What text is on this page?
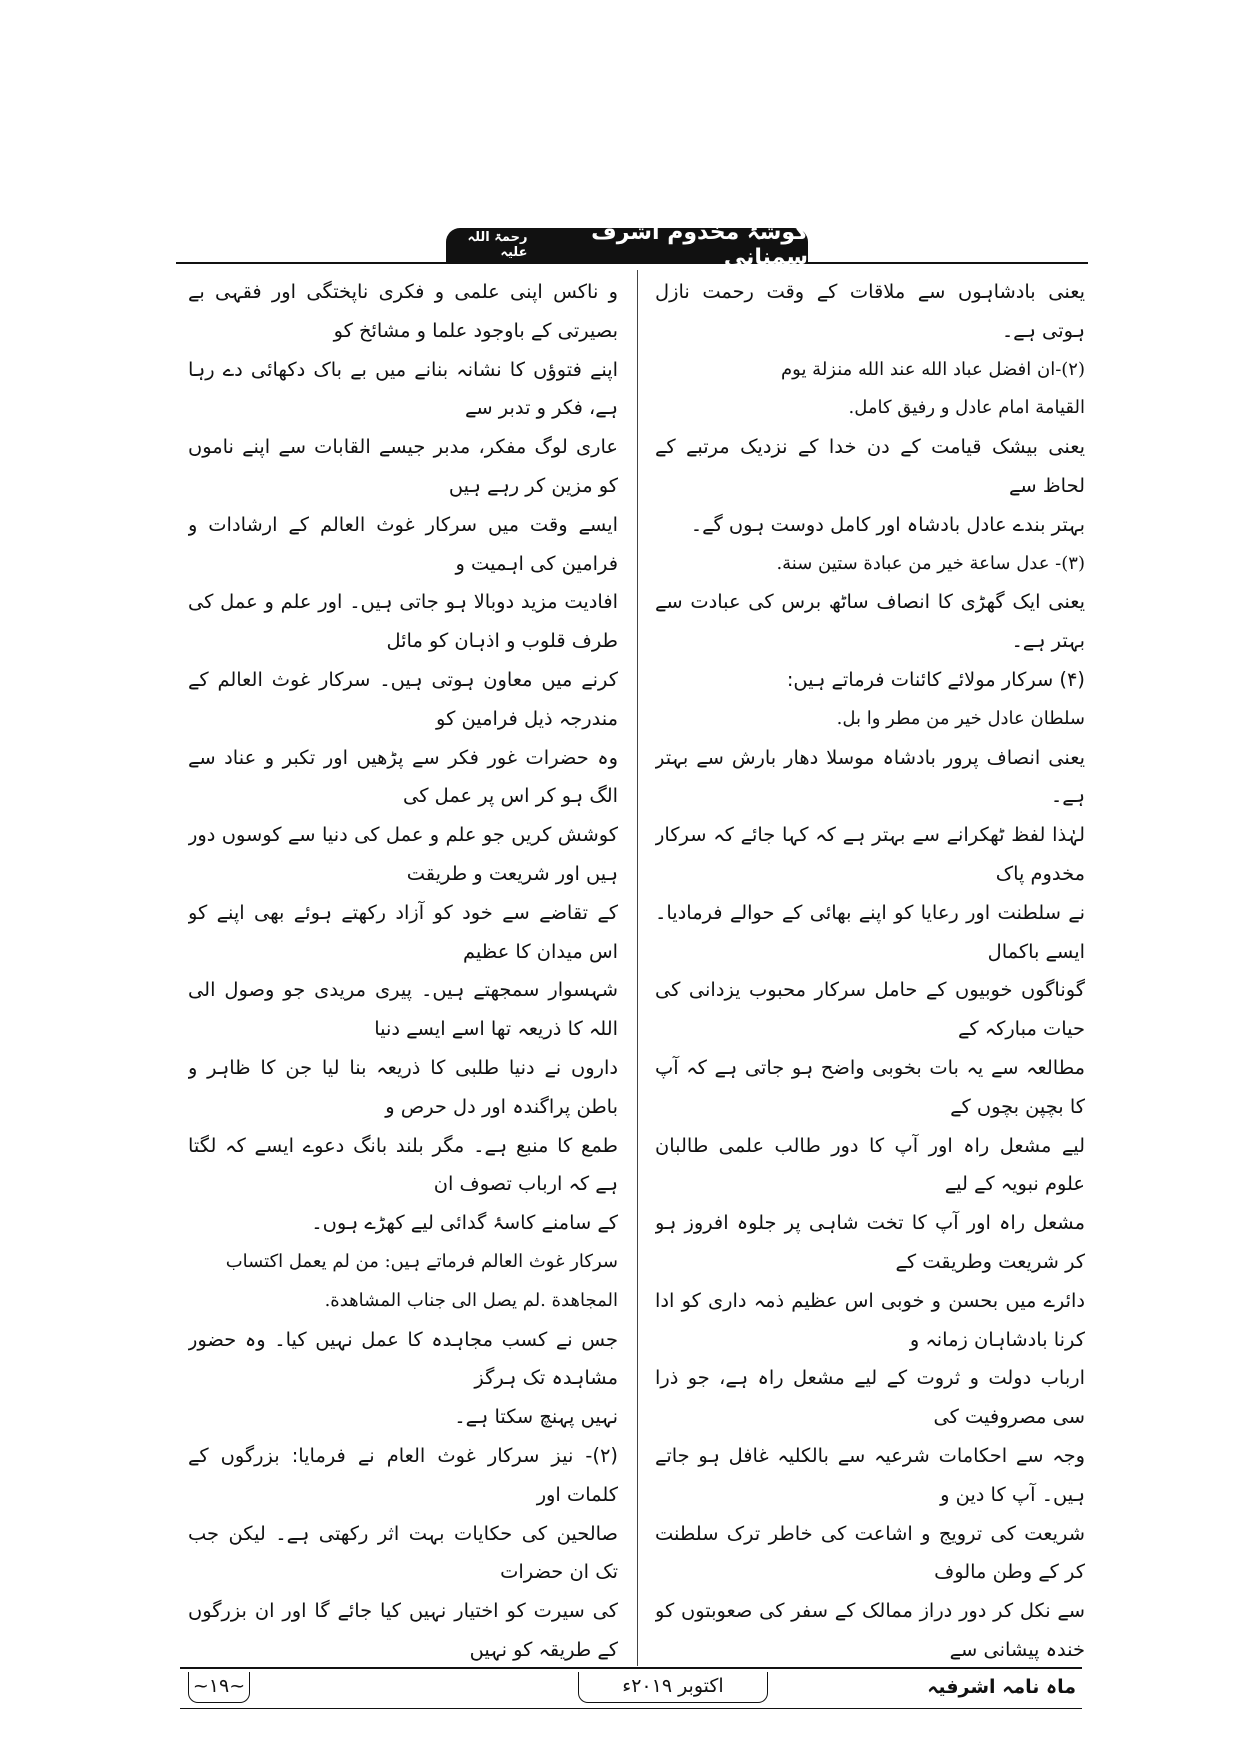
گوشۂ مخدوم اشرف سمنانی
رحمۃ اللہ علیہ

یعنی بادشاہوں سے ملاقات کے وقت رحمت نازل ہوتی ہے۔

(۲)-ان افضل عباد الله عند الله منزلة يوم

القيامة امام عادل و رفيق كامل.

یعنی بیشک قیامت کے دن خدا کے نزدیک مرتبے کے لحاظ سے

بہتر بندے عادل بادشاہ اور کامل دوست ہوں گے۔

(۳)- عدل ساعة خير من عبادة ستين سنة.

یعنی ایک گھڑی کا انصاف ساٹھ برس کی عبادت سے بہتر ہے۔

(۴) سرکار مولائے کائنات فرماتے ہیں:

سلطان عادل خير من مطر وا بل.

یعنی انصاف پرور بادشاہ موسلا دھار بارش سے بہتر ہے۔

لہٰذا لفظ ٹھکرانے سے بہتر ہے کہ کہا جائے کہ سرکار مخدوم پاک

نے سلطنت اور رعایا کو اپنے بھائی کے حوالے فرمادیا۔ ایسے باکمال

گوناگوں خوبیوں کے حامل سرکار محبوب یزدانی کی حیات مبارکہ کے

مطالعہ سے یہ بات بخوبی واضح ہو جاتی ہے کہ آپ کا بچپن بچوں کے

لیے مشعل راہ اور آپ کا دور طالب علمی طالبان علوم نبویہ کے لیے

مشعل راہ اور آپ کا تخت شاہی پر جلوہ افروز ہو کر شریعت وطریقت کے

دائرے میں بحسن و خوبی اس عظیم ذمہ داری کو ادا کرنا بادشاہان زمانہ و

ارباب دولت و ثروت کے لیے مشعل راہ ہے، جو ذرا سی مصروفیت کی

وجہ سے احکامات شرعیہ سے بالکلیہ غافل ہو جاتے ہیں۔ آپ کا دین و

شریعت کی ترویج و اشاعت کی خاطر ترک سلطنت کر کے وطن مالوف

سے نکل کر دور دراز ممالک کے سفر کی صعوبتوں کو خندہ پیشانی سے

و ناکس اپنی علمی و فکری ناپختگی اور فقہی بے بصیرتی کے باوجود علما و مشائخ کو

اپنے فتوؤں کا نشانہ بنانے میں بے باک دکھائی دے رہا ہے، فکر و تدبر سے

عاری لوگ مفکر، مدبر جیسے القابات سے اپنے ناموں کو مزین کر رہے ہیں

ایسے وقت میں سرکار غوث العالم کے ارشادات و فرامین کی اہمیت و

افادیت مزید دوبالا ہو جاتی ہیں۔ اور علم و عمل کی طرف قلوب و اذہان کو مائل

کرنے میں معاون ہوتی ہیں۔ سرکار غوث العالم کے مندرجہ ذیل فرامین کو

وہ حضرات غور فکر سے پڑھیں اور تکبر و عناد سے الگ ہو کر اس پر عمل کی

کوشش کریں جو علم و عمل کی دنیا سے کوسوں دور ہیں اور شریعت و طریقت

کے تقاضے سے خود کو آزاد رکھتے ہوئے بھی اپنے کو اس میدان کا عظیم

شہسوار سمجھتے ہیں۔ پیری مریدی جو وصول الی اللہ کا ذریعہ تھا اسے ایسے دنیا

داروں نے دنیا طلبی کا ذریعہ بنا لیا جن کا ظاہر و باطن پراگندہ اور دل حرص و

طمع کا منبع ہے۔ مگر بلند بانگ دعوے ایسے کہ لگتا ہے کہ ارباب تصوف ان

کے سامنے کاسۂ گدائی لیے کھڑے ہوں۔

سرکار غوث العالم فرماتے ہیں: من لم يعمل اكتساب

المجاهدة .لم يصل الى جناب المشاهدة.

جس نے کسب مجاہدہ کا عمل نہیں کیا۔ وہ حضور مشاہدہ تک ہرگز

نہیں پہنچ سکتا ہے۔

(۲)- نیز سرکار غوث العام نے فرمایا: بزرگوں کے کلمات اور

صالحین کی حکایات بہت اثر رکھتی ہے۔ لیکن جب تک ان حضرات

کی سیرت کو اختیار نہیں کیا جائے گا اور ان بزرگوں کے طریقہ کو نہیں

ماہ نامہ اشرفیہ
اکتوبر ۲۰۱۹ء
~۱۹~
